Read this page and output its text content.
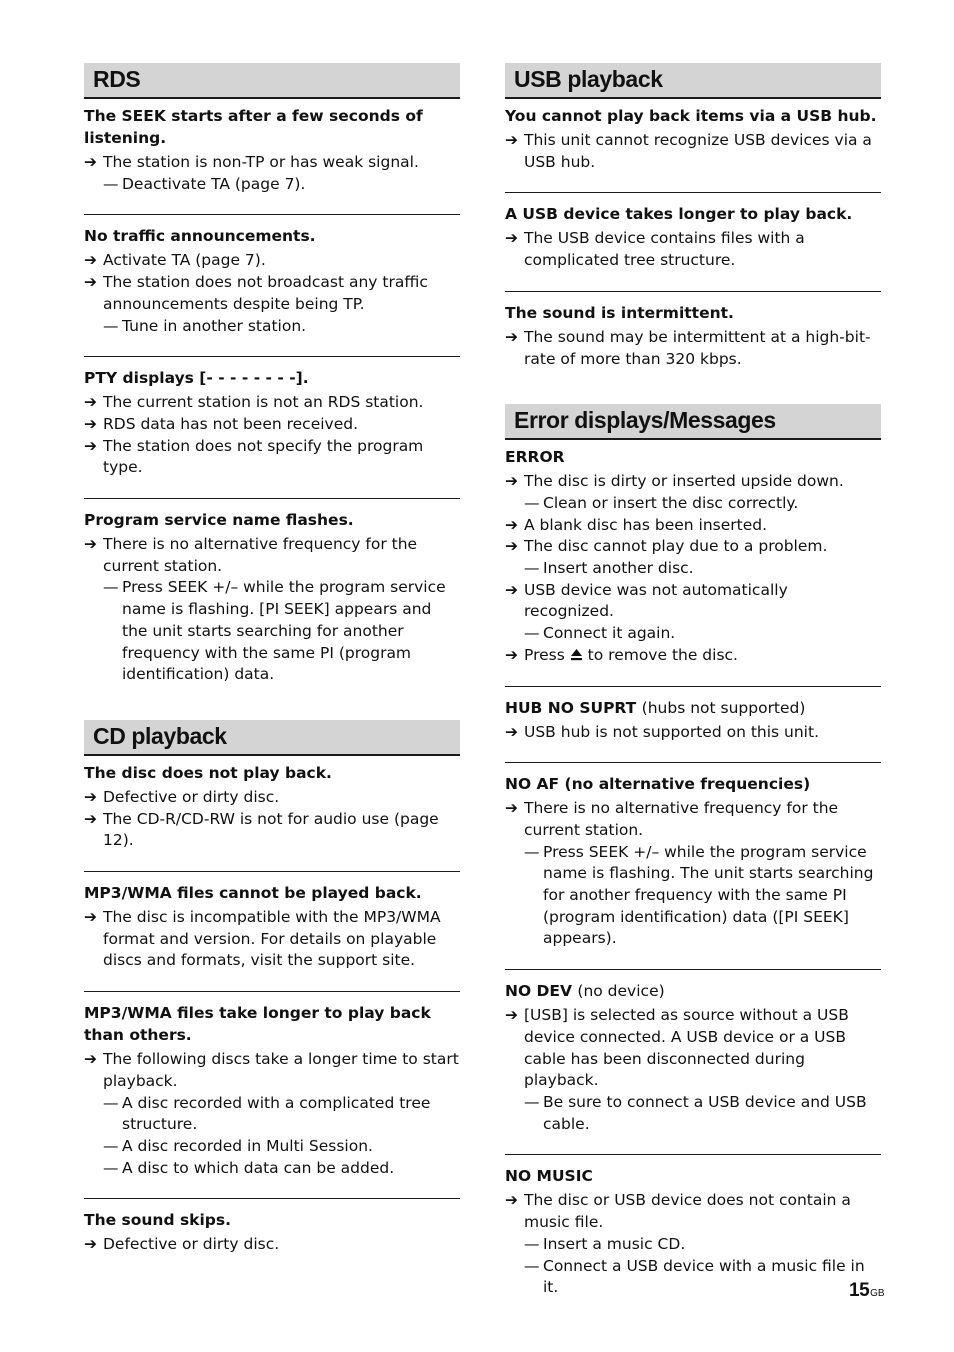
RDS
The SEEK starts after a few seconds of listening.
➔ The station is non-TP or has weak signal.
— Deactivate TA (page 7).
No traffic announcements.
➔ Activate TA (page 7).
➔ The station does not broadcast any traffic announcements despite being TP.
— Tune in another station.
PTY displays [- - - - - - - -].
➔ The current station is not an RDS station.
➔ RDS data has not been received.
➔ The station does not specify the program type.
Program service name flashes.
➔ There is no alternative frequency for the current station.
— Press SEEK +/– while the program service name is flashing. [PI SEEK] appears and the unit starts searching for another frequency with the same PI (program identification) data.
CD playback
The disc does not play back.
➔ Defective or dirty disc.
➔ The CD-R/CD-RW is not for audio use (page 12).
MP3/WMA files cannot be played back.
➔ The disc is incompatible with the MP3/WMA format and version. For details on playable discs and formats, visit the support site.
MP3/WMA files take longer to play back than others.
➔ The following discs take a longer time to start playback.
— A disc recorded with a complicated tree structure.
— A disc recorded in Multi Session.
— A disc to which data can be added.
The sound skips.
➔ Defective or dirty disc.
USB playback
You cannot play back items via a USB hub.
➔ This unit cannot recognize USB devices via a USB hub.
A USB device takes longer to play back.
➔ The USB device contains files with a complicated tree structure.
The sound is intermittent.
➔ The sound may be intermittent at a high-bit-rate of more than 320 kbps.
Error displays/Messages
ERROR
➔ The disc is dirty or inserted upside down.
— Clean or insert the disc correctly.
➔ A blank disc has been inserted.
➔ The disc cannot play due to a problem.
— Insert another disc.
➔ USB device was not automatically recognized.
— Connect it again.
➔ Press to remove the disc.
HUB NO SUPRT (hubs not supported)
➔ USB hub is not supported on this unit.
NO AF (no alternative frequencies)
➔ There is no alternative frequency for the current station.
— Press SEEK +/– while the program service name is flashing. The unit starts searching for another frequency with the same PI (program identification) data ([PI SEEK] appears).
NO DEV (no device)
➔ [USB] is selected as source without a USB device connected. A USB device or a USB cable has been disconnected during playback.
— Be sure to connect a USB device and USB cable.
NO MUSIC
➔ The disc or USB device does not contain a music file.
— Insert a music CD.
— Connect a USB device with a music file in it.	15GB
